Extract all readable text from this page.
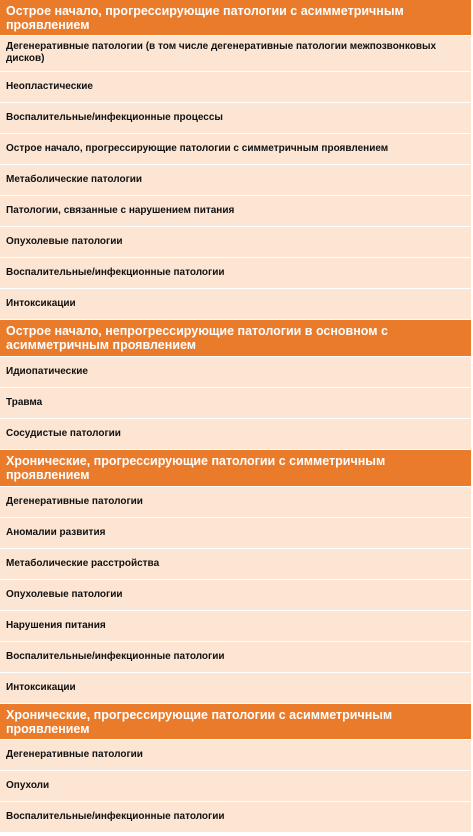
Острое начало, прогрессирующие патологии с асимметричным проявлением
Дегенеративные патологии (в том числе дегенеративные патологии межпозвонковых дисков)
Неопластические
Воспалительные/инфекционные процессы
Острое начало, прогрессирующие патологии с симметричным проявлением
Метаболические патологии
Патологии, связанные с нарушением питания
Опухолевые патологии
Воспалительные/инфекционные патологии
Интоксикации
Острое начало, непрогрессирующие патологии в основном с асимметричным проявлением
Идиопатические
Травма
Сосудистые патологии
Хронические, прогрессирующие патологии с симметричным проявлением
Дегенеративные патологии
Аномалии развития
Метаболические расстройства
Опухолевые патологии
Нарушения питания
Воспалительные/инфекционные патологии
Интоксикации
Хронические, прогрессирующие патологии с асимметричным проявлением
Дегенеративные патологии
Опухоли
Воспалительные/инфекционные патологии
